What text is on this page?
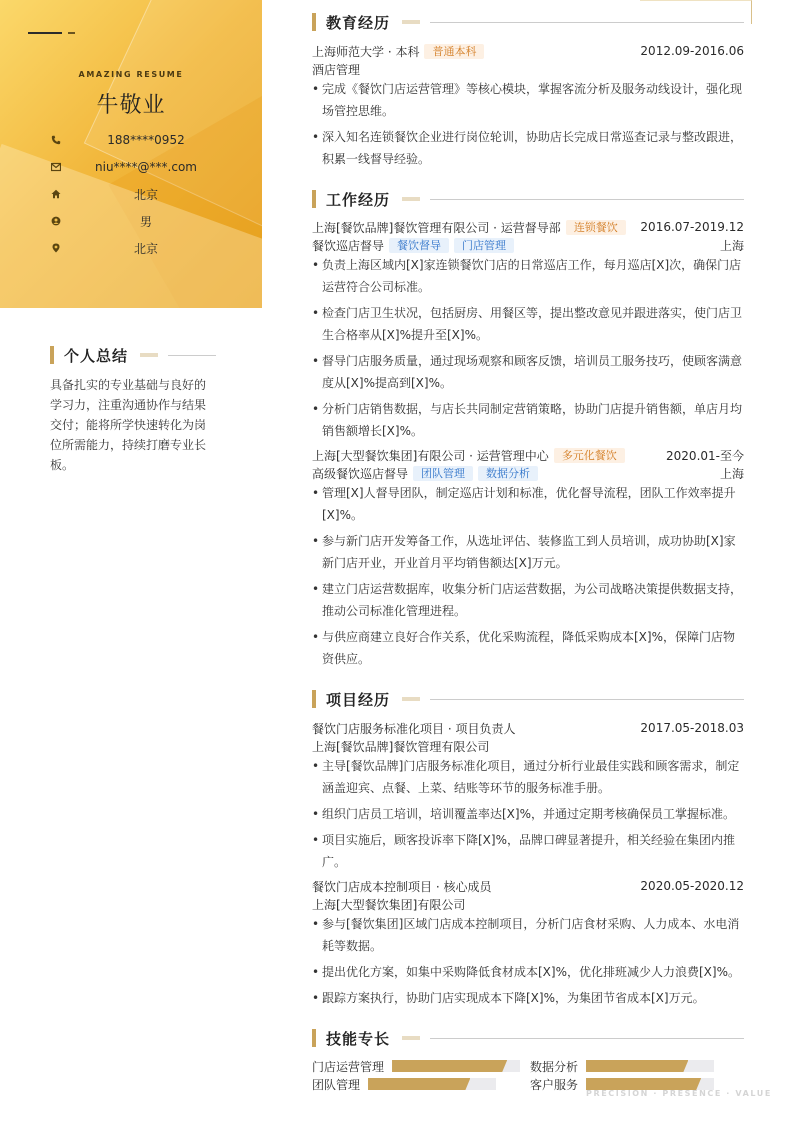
AMAZING RESUME
牛敬业
188****0952
niu****@***.com
北京
男
北京
个人总结
具备扎实的专业基础与良好的学习力，注重沟通协作与结果交付；能将所学快速转化为岗位所需能力，持续打磨专业长板。
教育经历
上海师范大学 · 本科	普通本科	2012.09-2016.06
酒店管理
• 完成《餐饮门店运营管理》等核心模块，掌握客流分析及服务动线设计，强化现场管控思维。
• 深入知名连锁餐饮企业进行岗位轮训，协助店长完成日常巡查记录与整改跟进，积累一线督导经验。
工作经历
上海[餐饮品牌]餐饮管理有限公司 · 运营督导部	连锁餐饮	2016.07-2019.12
餐饮巡店督导	餐饮督导	门店管理	上海
• 负责上海区域内[X]家连锁餐饮门店的日常巡店工作，每月巡店[X]次，确保门店运营符合公司标准。
• 检查门店卫生状况，包括厨房、用餐区等，提出整改意见并跟进落实，使门店卫生合格率从[X]%提升至[X]%。
• 督导门店服务质量，通过现场观察和顾客反馈，培训员工服务技巧，使顾客满意度从[X]%提高到[X]%。
• 分析门店销售数据，与店长共同制定营销策略，协助门店提升销售额，单店月均销售额增长[X]%。
上海[大型餐饮集团]有限公司 · 运营管理中心	多元化餐饮	2020.01-至今
高级餐饮巡店督导	团队管理	数据分析	上海
• 管理[X]人督导团队，制定巡店计划和标准，优化督导流程，团队工作效率提升[X]%。
• 参与新门店开发筹备工作，从选址评估、装修监工到人员培训，成功协助[X]家新门店开业，开业首月平均销售额达[X]万元。
• 建立门店运营数据库，收集分析门店运营数据，为公司战略决策提供数据支持，推动公司标准化管理进程。
• 与供应商建立良好合作关系，优化采购流程，降低采购成本[X]%，保障门店物资供应。
项目经历
餐饮门店服务标准化项目 · 项目负责人	2017.05-2018.03
上海[餐饮品牌]餐饮管理有限公司
• 主导[餐饮品牌]门店服务标准化项目，通过分析行业最佳实践和顾客需求，制定涵盖迎宾、点餐、上菜、结账等环节的服务标准手册。
• 组织门店员工培训，培训覆盖率达[X]%，并通过定期考核确保员工掌握标准。
• 项目实施后，顾客投诉率下降[X]%，品牌口碑显著提升，相关经验在集团内推广。
餐饮门店成本控制项目 · 核心成员	2020.05-2020.12
上海[大型餐饮集团]有限公司
• 参与[餐饮集团]区域门店成本控制项目，分析门店食材采购、人力成本、水电消耗等数据。
• 提出优化方案，如集中采购降低食材成本[X]%，优化排班减少人力浪费[X]%。
• 跟踪方案执行，协助门店实现成本下降[X]%，为集团节省成本[X]万元。
技能专长
门店运营管理	数据分析
团队管理	客户服务
PRECISION · PRESENCE · VALUE
